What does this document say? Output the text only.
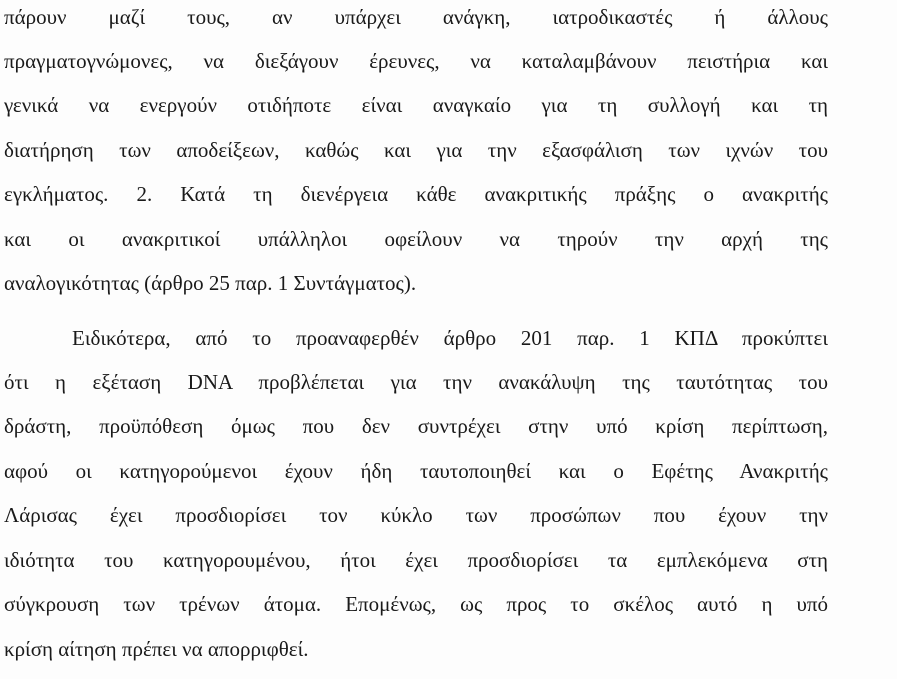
πάρουν μαζί τους, αν υπάρχει ανάγκη, ιατροδικαστές ή άλλους
πραγματογνώμονες, να διεξάγουν έρευνες, να καταλαμβάνουν πειστήρια και
γενικά να ενεργούν οτιδήποτε είναι αναγκαίο για τη συλλογή και τη
διατήρηση των αποδείξεων, καθώς και για την εξασφάλιση των ιχνών του
εγκλήματος. 2. Κατά τη διενέργεια κάθε ανακριτικής πράξης ο ανακριτής
και οι ανακριτικοί υπάλληλοι οφείλουν να τηρούν την αρχή της
αναλογικότητας (άρθρο 25 παρ. 1 Συντάγματος).
Ειδικότερα, από το προαναφερθέν άρθρο 201 παρ. 1 ΚΠΔ προκύπτει
ότι η εξέταση DNA προβλέπεται για την ανακάλυψη της ταυτότητας του
δράστη, προϋπόθεση όμως που δεν συντρέχει στην υπό κρίση περίπτωση,
αφού οι κατηγορούμενοι έχουν ήδη ταυτοποιηθεί και ο Εφέτης Ανακριτής
Λάρισας έχει προσδιορίσει τον κύκλο των προσώπων που έχουν την
ιδιότητα του κατηγορουμένου, ήτοι έχει προσδιορίσει τα εμπλεκόμενα στη
σύγκρουση των τρένων άτομα. Επομένως, ως προς το σκέλος αυτό η υπό
κρίση αίτηση πρέπει να απορριφθεί.
